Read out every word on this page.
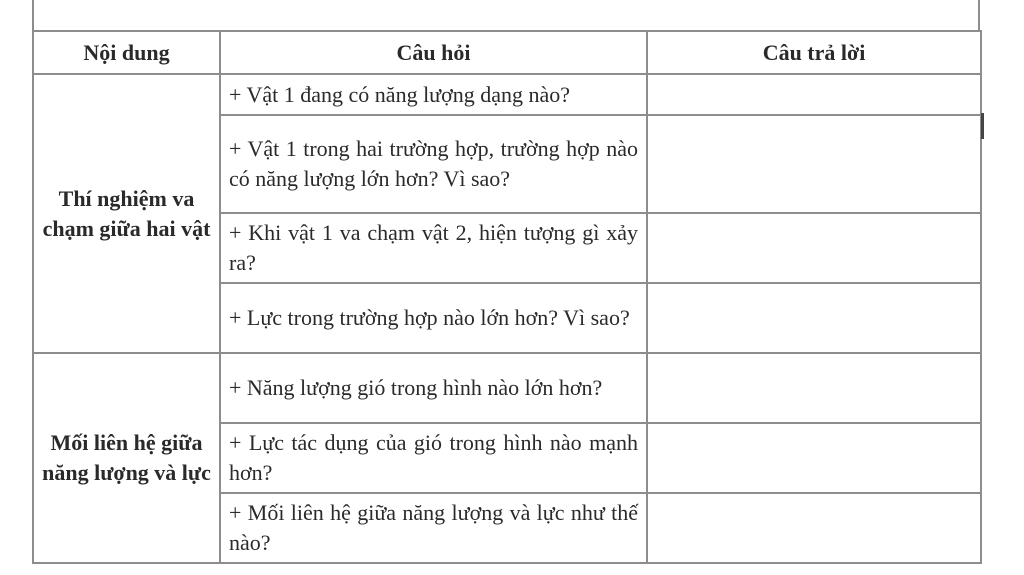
Nội dung	Câu hỏi	Câu trả lời
Thí nghiệm va chạm giữa hai vật	+ Vật 1 đang có năng lượng dạng nào?	
	+ Vật 1 trong hai trường hợp, trường hợp nào có năng lượng lớn hơn? Vì sao?	
	+ Khi vật 1 va chạm vật 2, hiện tượng gì xảy ra?	
	+ Lực trong trường hợp nào lớn hơn? Vì sao?	
Mối liên hệ giữa năng lượng và lực	+ Năng lượng gió trong hình nào lớn hơn?	
	+ Lực tác dụng của gió trong hình nào mạnh hơn?	
	+ Mối liên hệ giữa năng lượng và lực như thế nào?	
